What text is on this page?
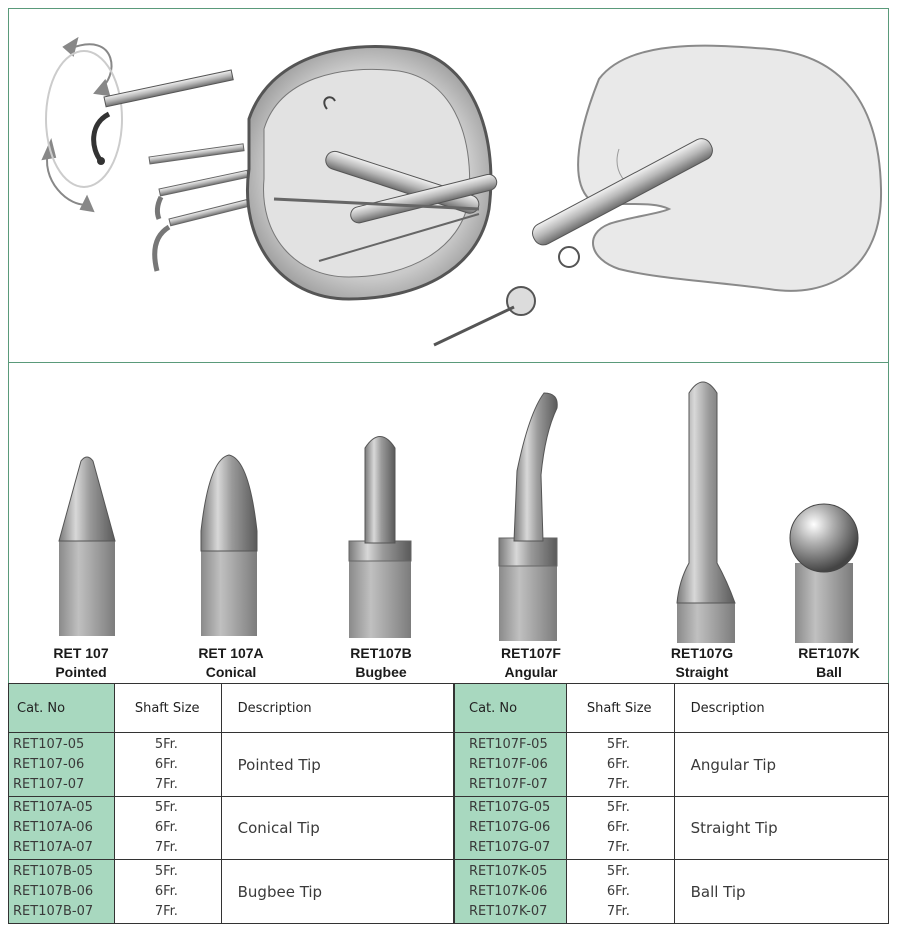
RET 107
Pointed
RET 107A
Conical
RET107B
Bugbee
RET107F
Angular
RET107G
Straight
RET107K
Ball
Cat. No	Shaft Size	Description

RET107-05
RET107-06
RET107-07	5Fr.
6Fr.
7Fr.	Pointed Tip

RET107A-05
RET107A-06
RET107A-07	5Fr.
6Fr.
7Fr.	Conical Tip

RET107B-05
RET107B-06
RET107B-07	5Fr.
6Fr.
7Fr.	Bugbee Tip
Cat. No	Shaft Size	Description

RET107F-05
RET107F-06
RET107F-07	5Fr.
6Fr.
7Fr.	Angular Tip

RET107G-05
RET107G-06
RET107G-07	5Fr.
6Fr.
7Fr.	Straight Tip

RET107K-05
RET107K-06
RET107K-07	5Fr.
6Fr.
7Fr.	Ball Tip
